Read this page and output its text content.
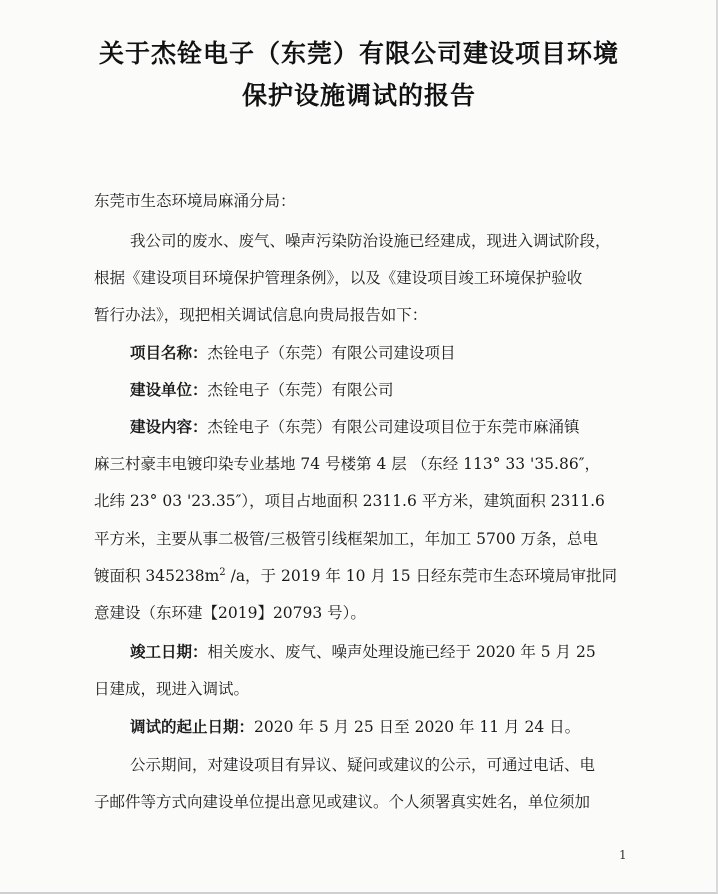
关于杰铨电子（东莞）有限公司建设项目环境
保护设施调试的报告
东莞市生态环境局麻涌分局：
我公司的废水、废气、噪声污染防治设施已经建成，现进入调试阶段，
根据《建设项目环境保护管理条例》，以及《建设项目竣工环境保护验收
暂行办法》，现把相关调试信息向贵局报告如下：
项目名称：杰铨电子（东莞）有限公司建设项目
建设单位：杰铨电子（东莞）有限公司
建设内容：杰铨电子（东莞）有限公司建设项目位于东莞市麻涌镇
麻三村豪丰电镀印染专业基地 74 号楼第 4 层 （东经 113° 33 '35.86″，
北纬 23° 03 '23.35″），项目占地面积 2311.6 平方米，建筑面积 2311.6
平方米，主要从事二极管/三极管引线框架加工，年加工 5700 万条，总电
镀面积 $345238m^2$ /a，于 2019 年 10 月 15 日经东莞市生态环境局审批同
意建设（东环建【2019】20793 号）。
竣工日期：相关废水、废气、噪声处理设施已经于 2020 年 5 月 25
日建成，现进入调试。
调试的起止日期：2020 年 5 月 25 日至 2020 年 11 月 24 日。
公示期间，对建设项目有异议、疑问或建议的公示，可通过电话、电
子邮件等方式向建设单位提出意见或建议。个人须署真实姓名，单位须加
1
